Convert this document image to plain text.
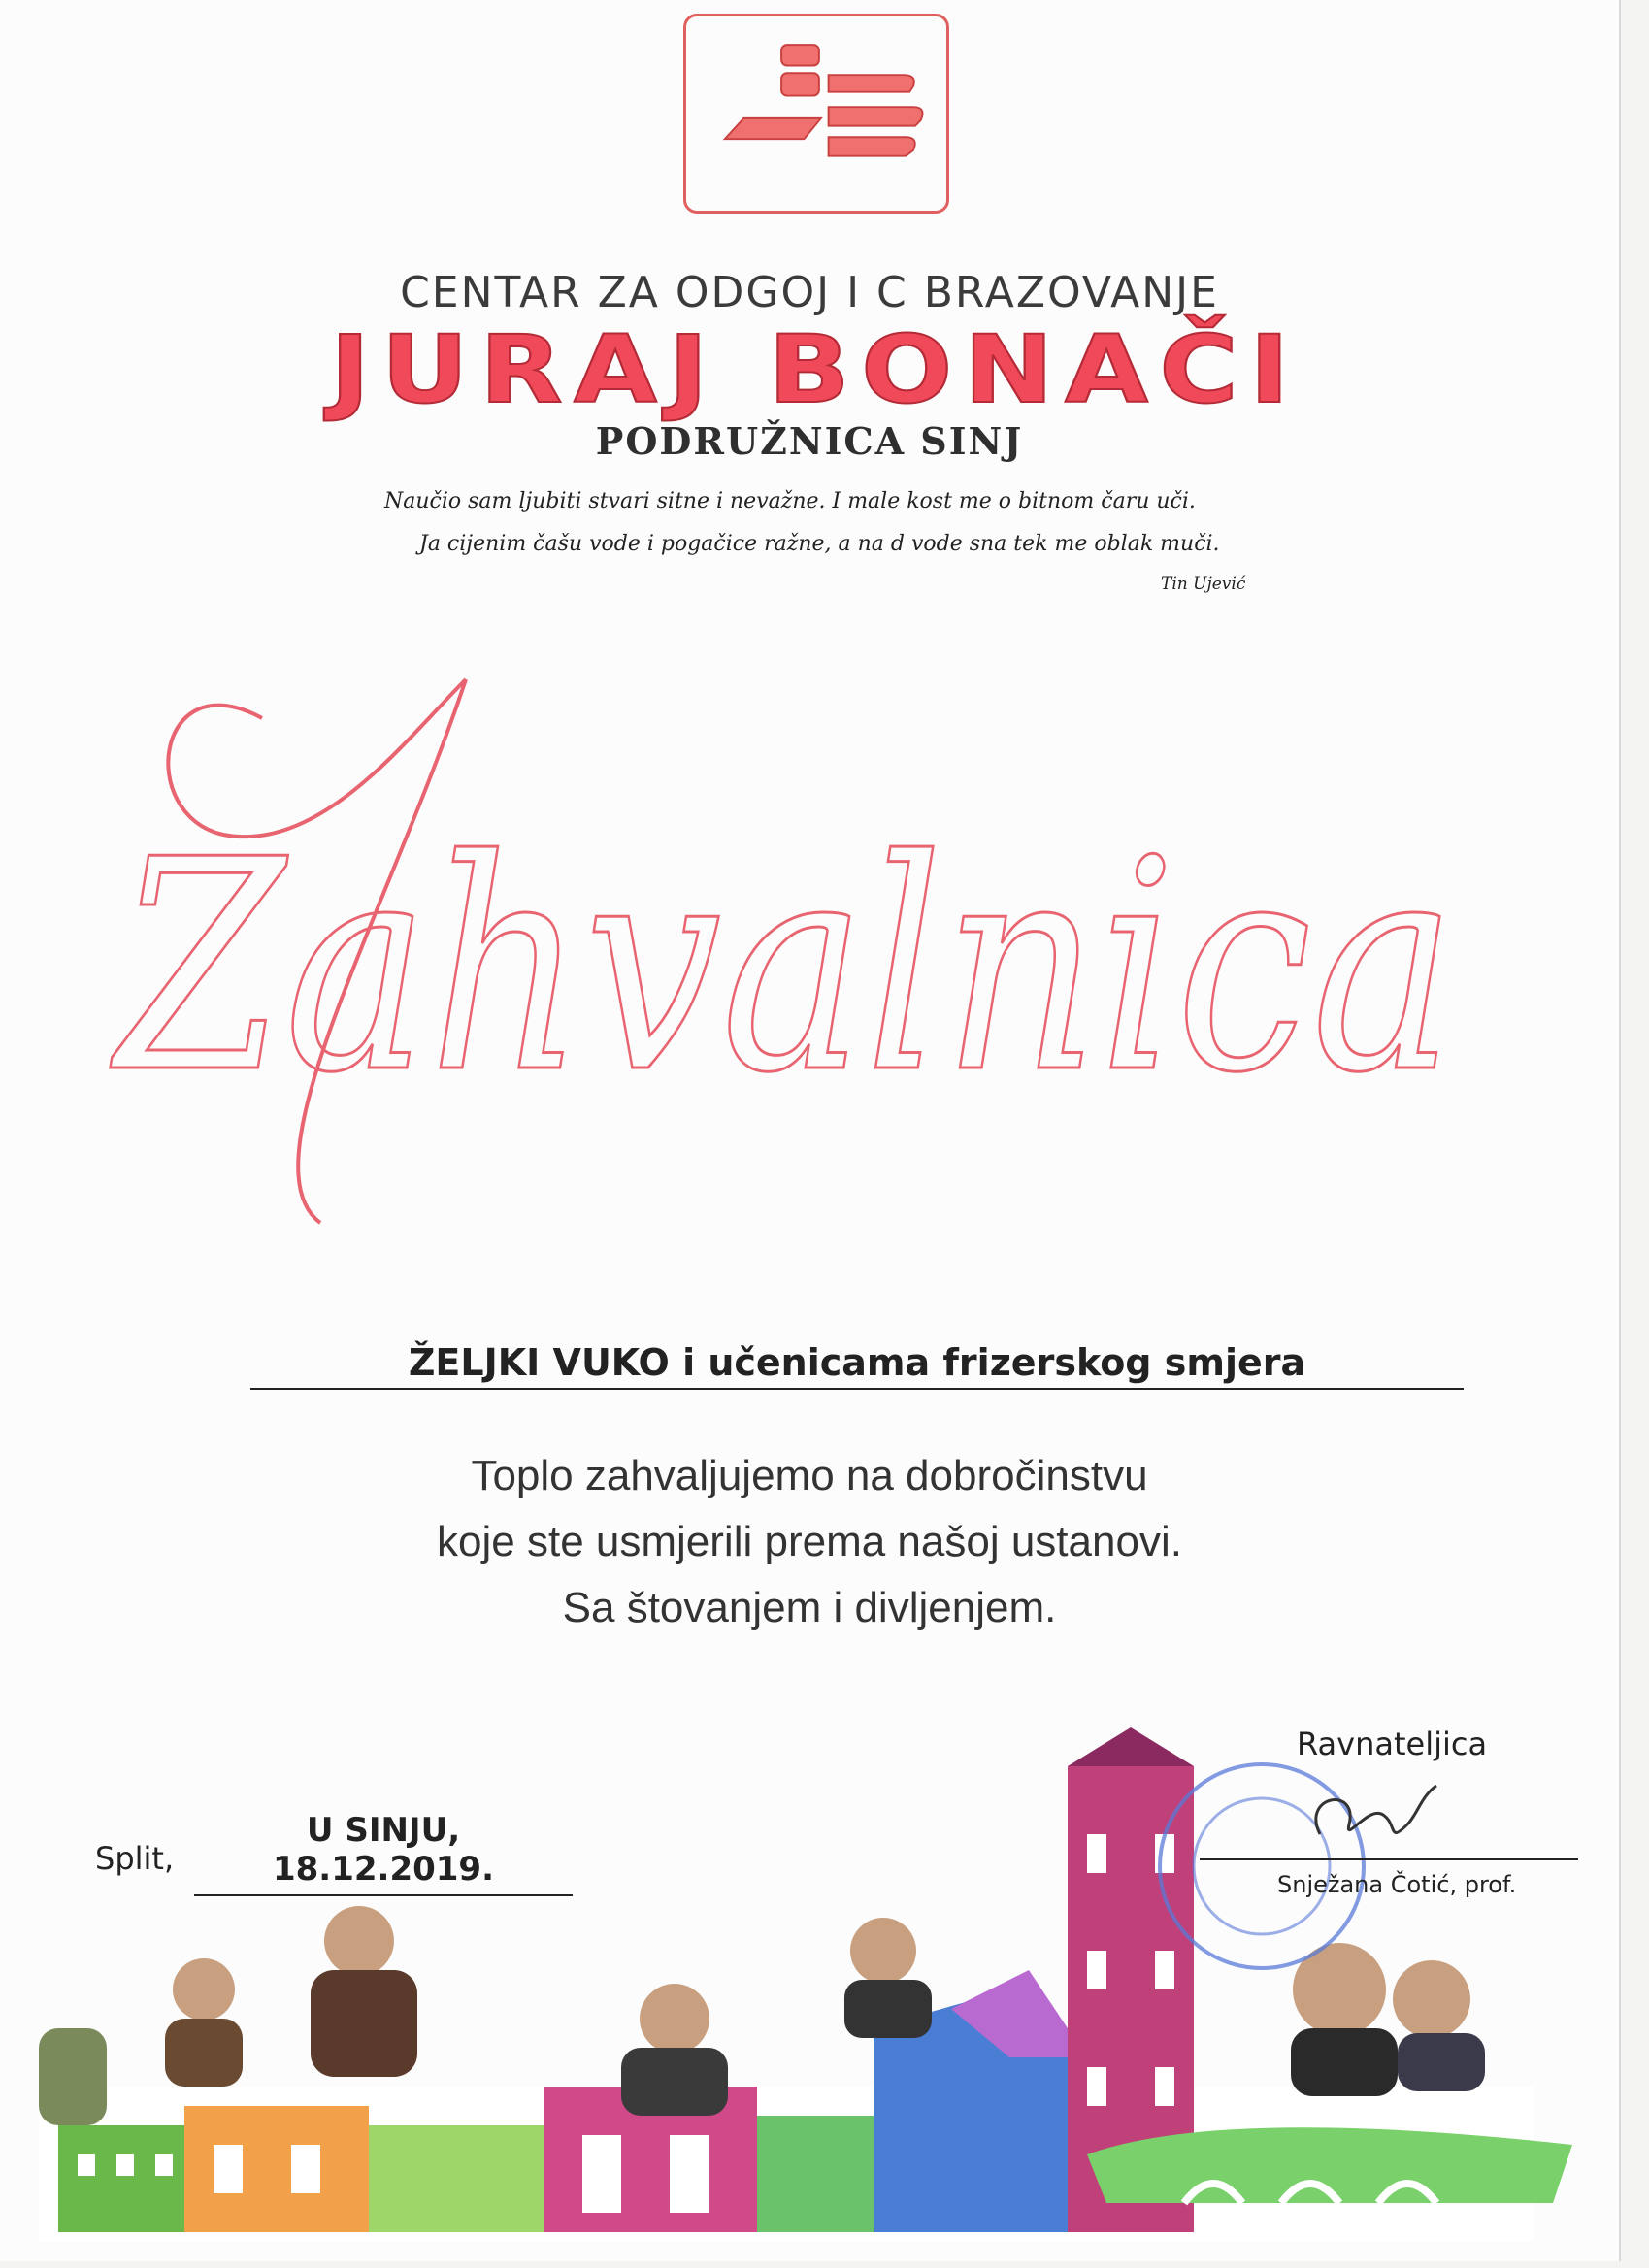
CENTAR ZA ODGOJ I C BRAZOVANJE
JURAJ BONAČI
PODRUŽNICA SINJ
Naučio sam ljubiti stvari sitne i nevažne. I male kost me o bitnom čaru uči.
Ja cijenim čašu vode i pogačice ražne, a na d vode sna tek me oblak muči.
Tin Ujević
Zahvalnica
ŽELJKI VUKO i učenicama frizerskog smjera
Toplo zahvaljujemo na dobročinstvu
koje ste usmjerili prema našoj ustanovi.
Sa štovanjem i divljenjem.
Split,
U SINJU, 18.12.2019.
Ravnateljica
Snježana Čotić, prof.
